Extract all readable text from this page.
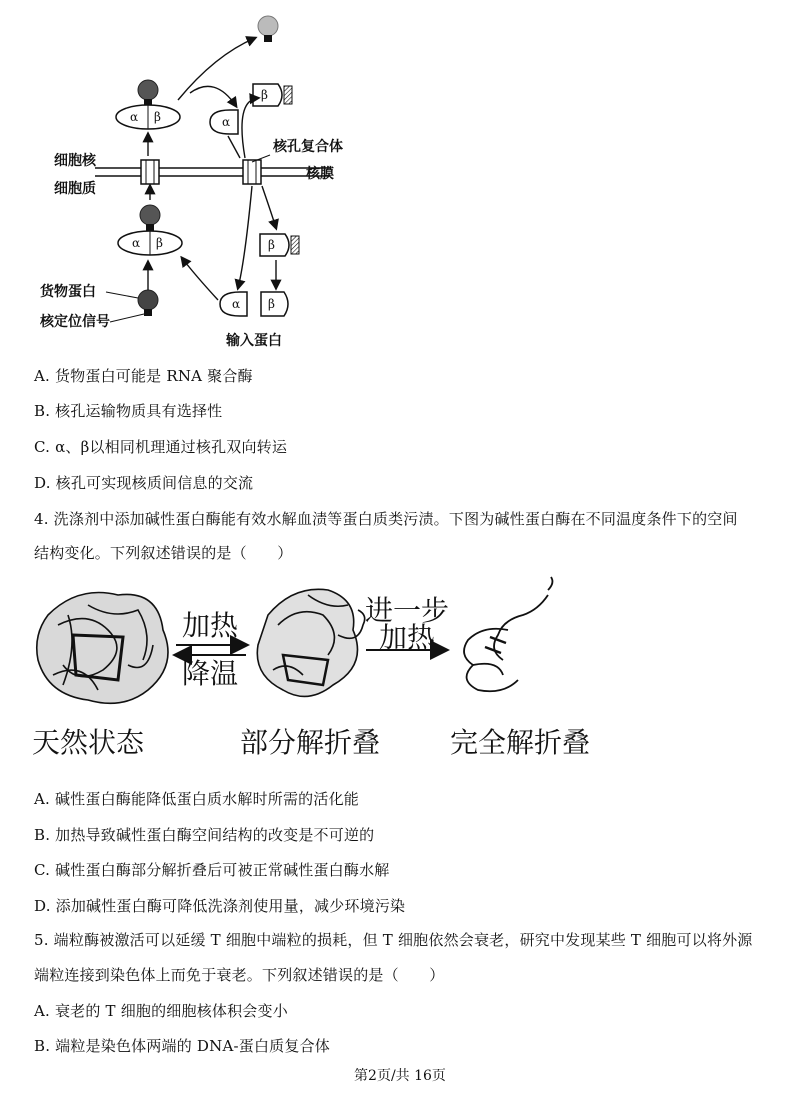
α β	α
β
α β	β
α β
细胞核
细胞质
核孔复合体
核膜
货物蛋白
核定位信号
输入蛋白
A. 货物蛋白可能是 RNA 聚合酶
B. 核孔运输物质具有选择性
C. α、β以相同机理通过核孔双向转运
D. 核孔可实现核质间信息的交流
4. 洗涤剂中添加碱性蛋白酶能有效水解血渍等蛋白质类污渍。下图为碱性蛋白酶在不同温度条件下的空间
结构变化。下列叙述错误的是（　　）
加热
降温
进一步
加热
天然状态	部分解折叠 完全解折叠
A. 碱性蛋白酶能降低蛋白质水解时所需的活化能
B. 加热导致碱性蛋白酶空间结构的改变是不可逆的
C. 碱性蛋白酶部分解折叠后可被正常碱性蛋白酶水解
D. 添加碱性蛋白酶可降低洗涤剂使用量，减少环境污染
5. 端粒酶被激活可以延缓 T 细胞中端粒的损耗，但 T 细胞依然会衰老，研究中发现某些 T 细胞可以将外源
端粒连接到染色体上而免于衰老。下列叙述错误的是（　　）
A. 衰老的 T 细胞的细胞核体积会变小
B. 端粒是染色体两端的 DNA-蛋白质复合体
第2页/共 16页
